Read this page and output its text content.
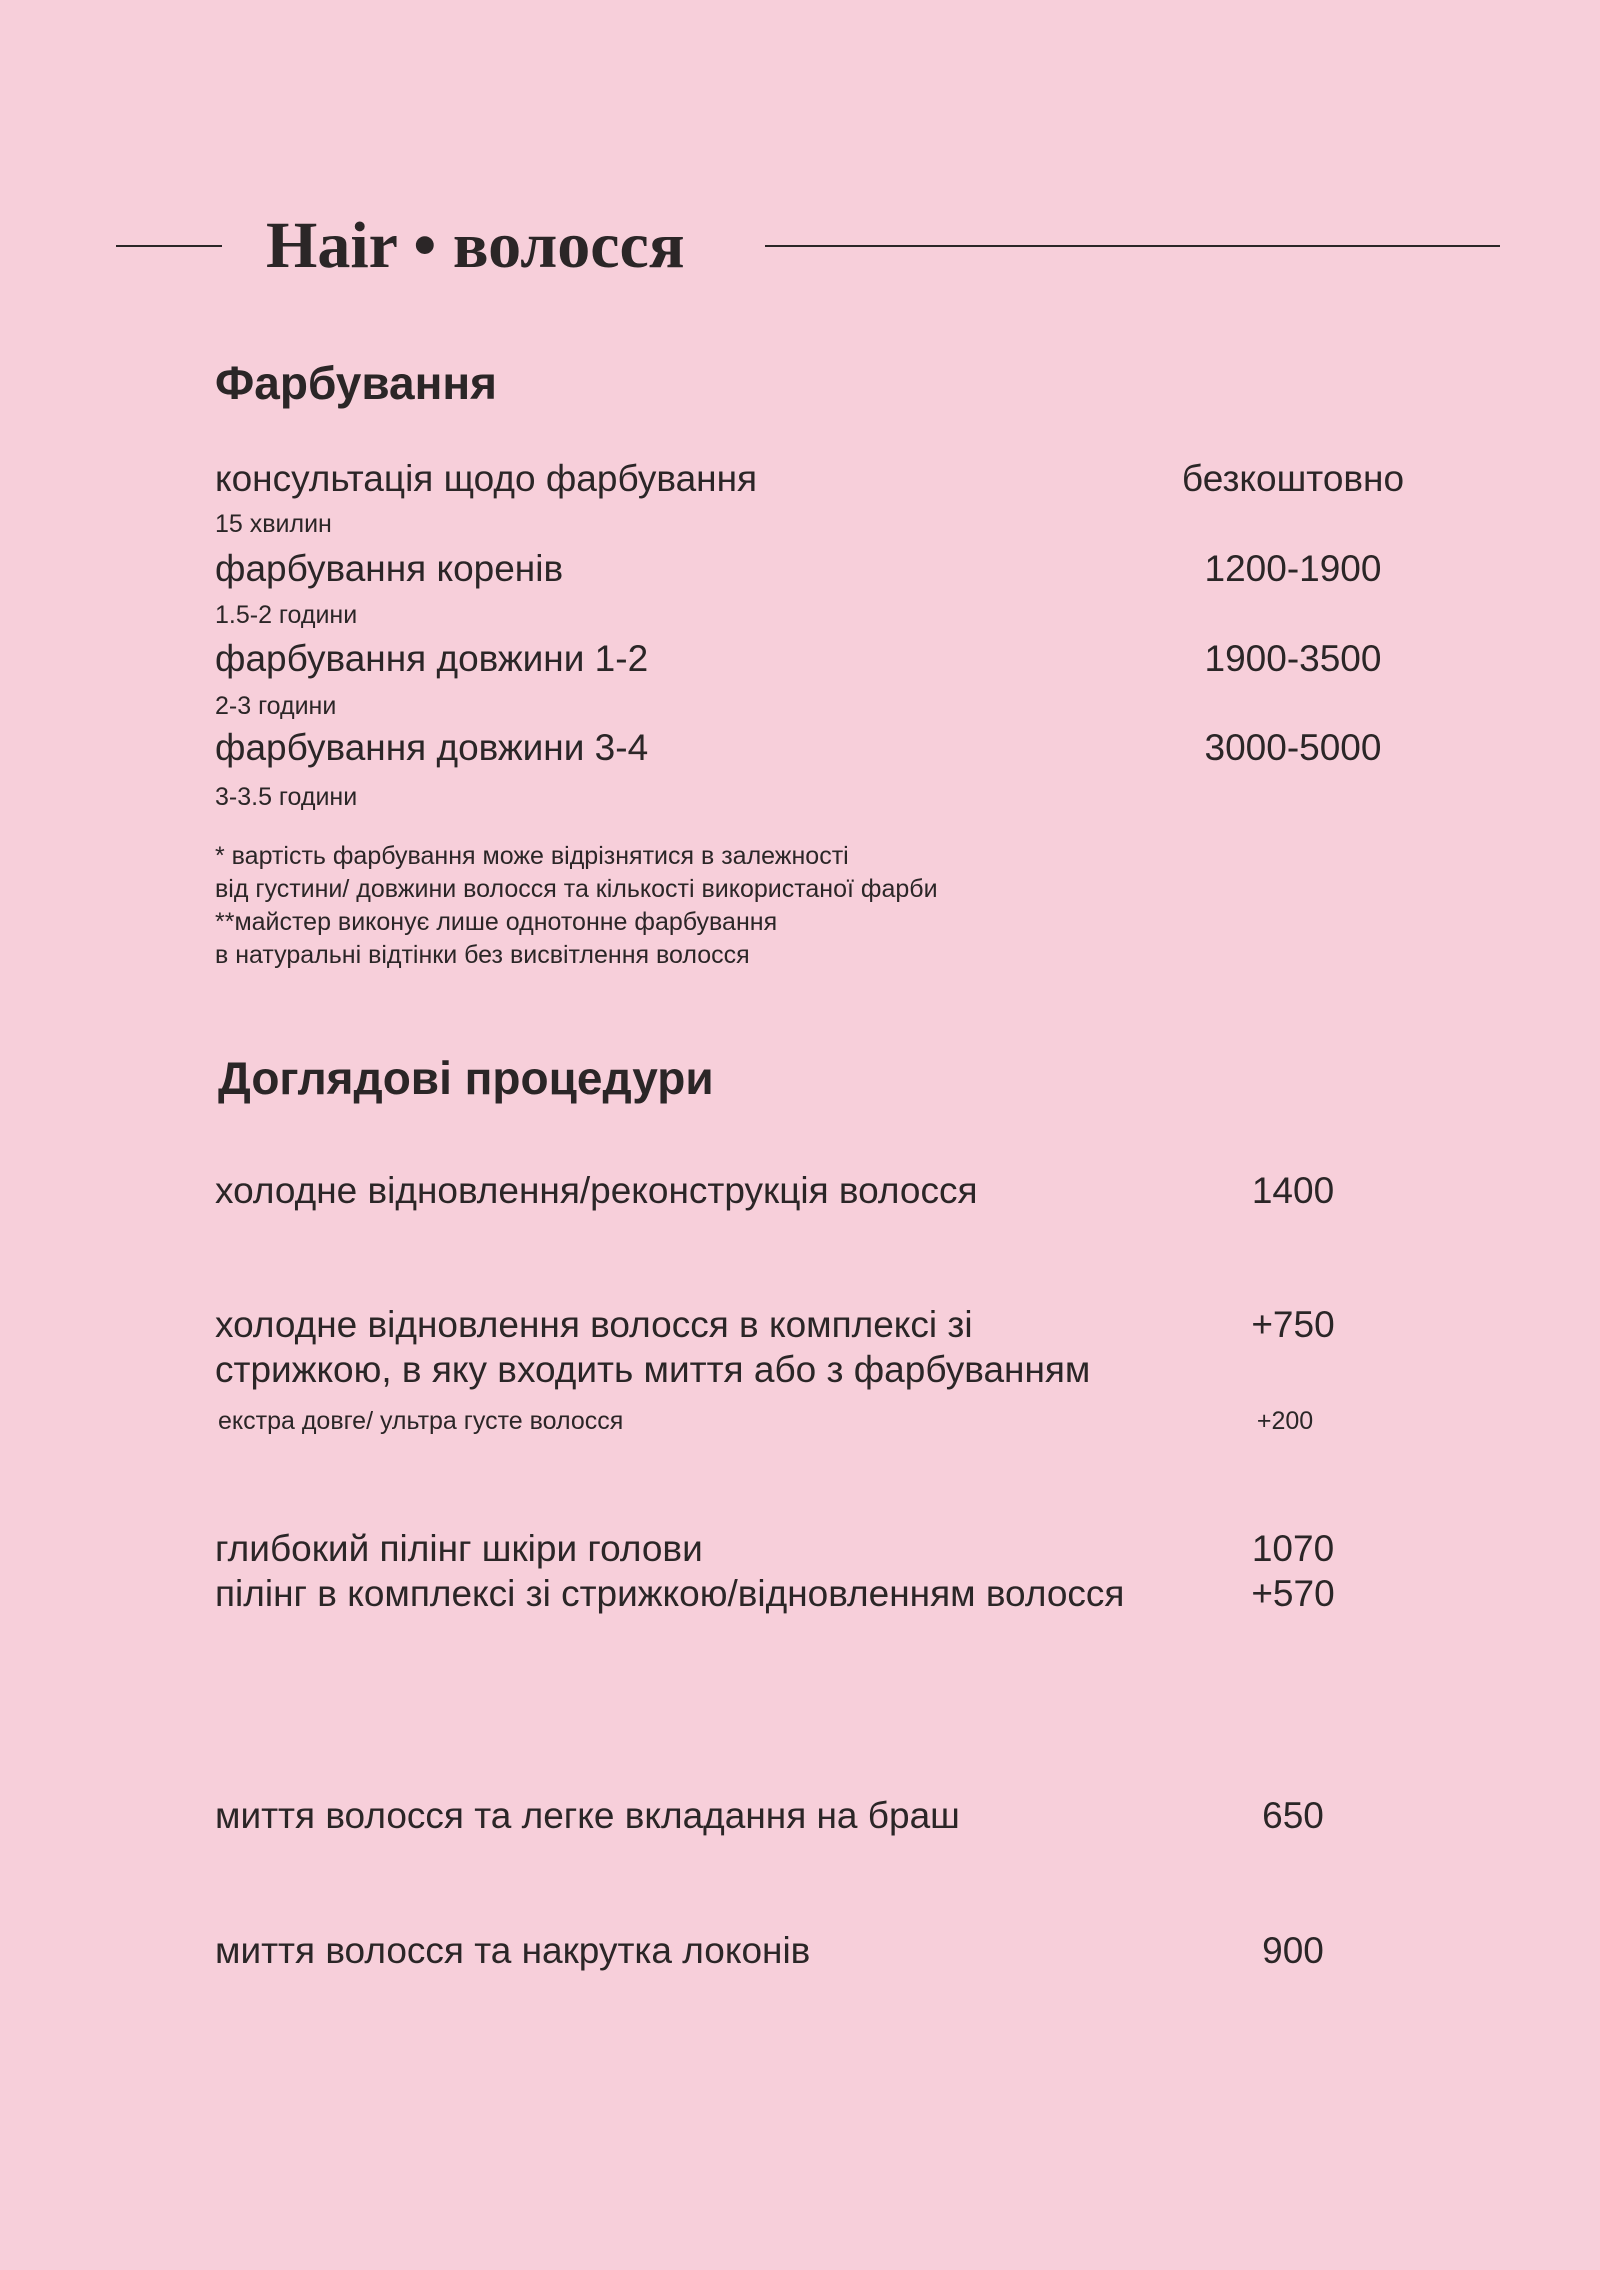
Hair • волосся
Фарбування
консультація щодо фарбування	безкоштовно
15 хвилин
фарбування коренів	1200-1900
1.5-2 години
фарбування довжини 1-2	1900-3500
2-3 години
фарбування довжини 3-4	3000-5000
3-3.5 години
* вартість фарбування може відрізнятися в залежності
від густини/ довжини волосся та кількості використаної фарби
**майстер виконує лише однотонне фарбування
в натуральні відтінки без висвітлення волосся
Доглядові процедури
холодне відновлення/реконструкція волосся	1400
холодне відновлення волосся в комплексі зі
стрижкою, в яку входить миття або з фарбуванням
+750
екстра довге/ ультра густе волосся	+200
глибокий пілінг шкіри голови	1070
пілінг в комплексі зі стрижкою/відновленням волосся	+570
миття волосся та легке вкладання на браш	650
миття волосся та накрутка локонів	900
